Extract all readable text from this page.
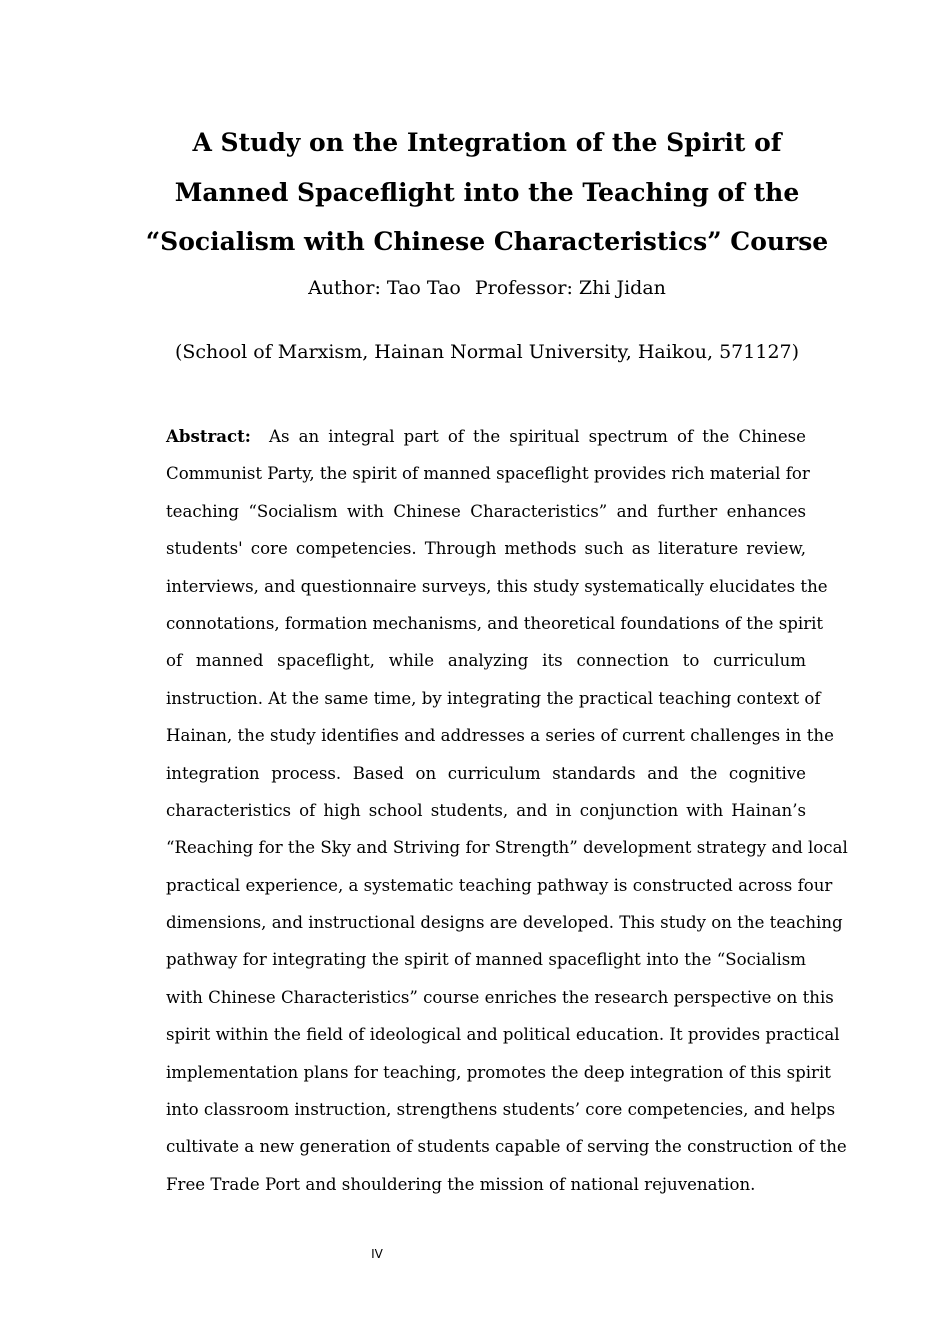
A Study on the Integration of the Spirit of
Manned Spaceflight into the Teaching of the
“Socialism with Chinese Characteristics” Course
Author: Tao Tao Professor: Zhi Jidan
(School of Marxism, Hainan Normal University, Haikou, 571127)
Abstract: As an integral part of the spiritual spectrum of the Chinese
Communist Party, the spirit of manned spaceflight provides rich material for
teaching “Socialism with Chinese Characteristics” and further enhances
students' core competencies. Through methods such as literature review,
interviews, and questionnaire surveys, this study systematically elucidates the
connotations, formation mechanisms, and theoretical foundations of the spirit
of manned spaceflight, while analyzing its connection to curriculum
instruction. At the same time, by integrating the practical teaching context of
Hainan, the study identifies and addresses a series of current challenges in the
integration process. Based on curriculum standards and the cognitive
characteristics of high school students, and in conjunction with Hainan’s
“Reaching for the Sky and Striving for Strength” development strategy and local
practical experience, a systematic teaching pathway is constructed across four
dimensions, and instructional designs are developed. This study on the teaching
pathway for integrating the spirit of manned spaceflight into the “Socialism
with Chinese Characteristics” course enriches the research perspective on this
spirit within the field of ideological and political education. It provides practical
implementation plans for teaching, promotes the deep integration of this spirit
into classroom instruction, strengthens students’ core competencies, and helps
cultivate a new generation of students capable of serving the construction of the
Free Trade Port and shouldering the mission of national rejuvenation.
IV
